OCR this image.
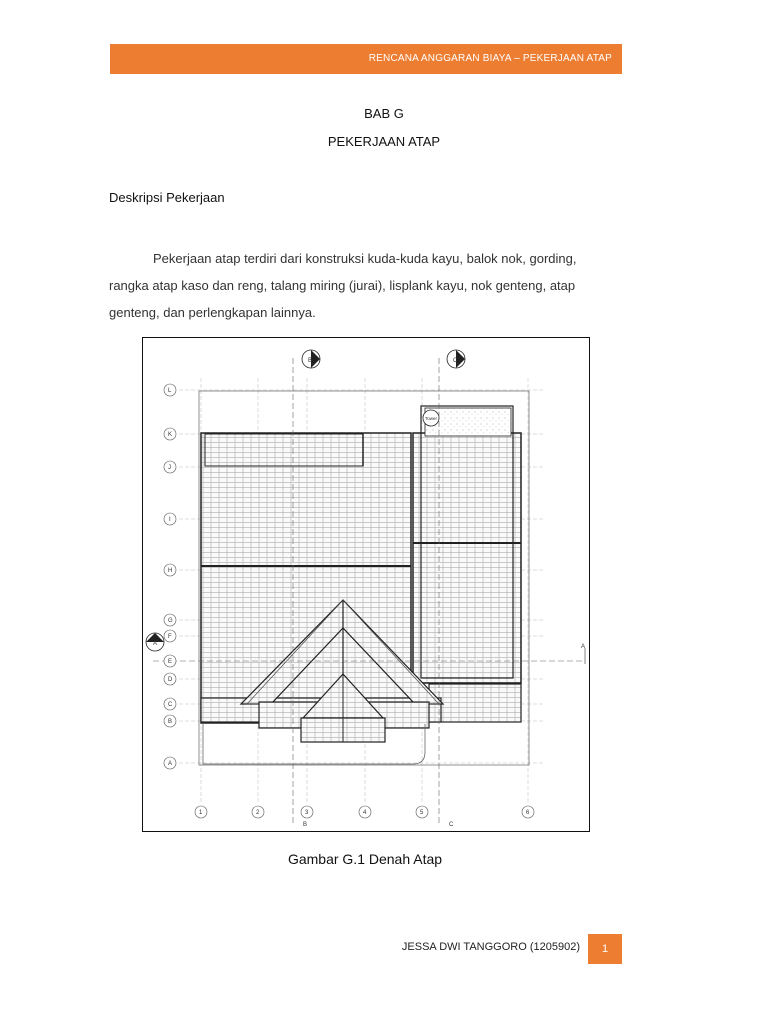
RENCANA ANGGARAN BIAYA – PEKERJAAN ATAP
BAB G
PEKERJAAN ATAP
Deskripsi Pekerjaan
Pekerjaan atap terdiri dari konstruksi kuda-kuda kayu, balok nok, gording, rangka atap kaso dan reng, talang miring (jurai), lisplank kayu, nok genteng, atap genteng, dan perlengkapan lainnya.
Tower
A
A
B
B
C
C
L
K
J
I
H
G
F
E
D
C
B
A
1	2	3	4	5	6
Gambar G.1 Denah Atap
JESSA DWI TANGGORO (1205902)	1
